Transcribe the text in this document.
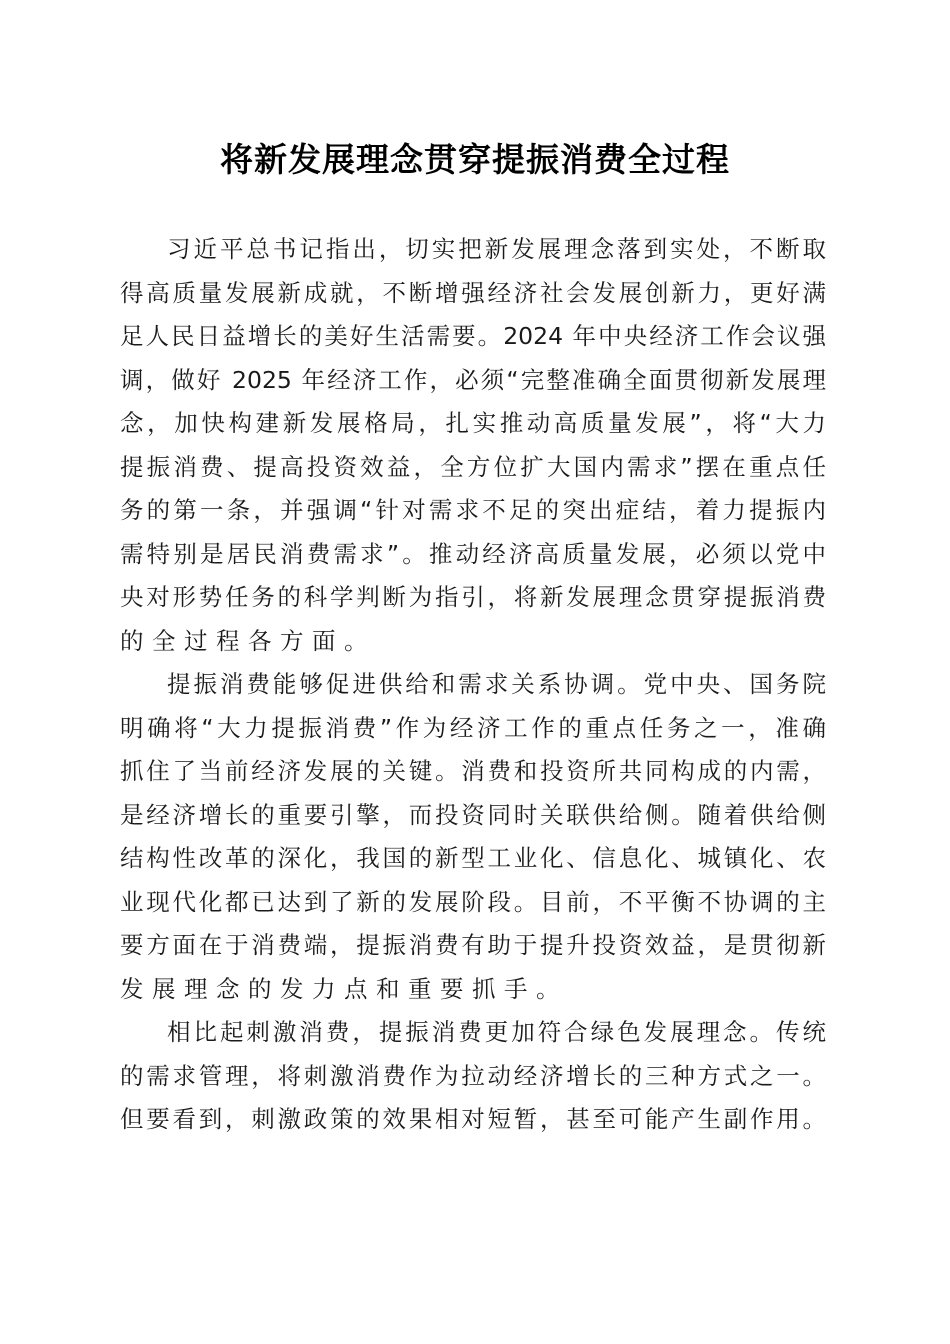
将新发展理念贯穿提振消费全过程
习近平总书记指出，切实把新发展理念落到实处，不断取
得高质量发展新成就，不断增强经济社会发展创新力，更好满
足人民日益增长的美好生活需要。2024 年中央经济工作会议强
调，做好 2025 年经济工作，必须“完整准确全面贯彻新发展理
念，加快构建新发展格局，扎实推动高质量发展”，将“大力
提振消费、提高投资效益，全方位扩大国内需求”摆在重点任
务的第一条，并强调“针对需求不足的突出症结，着力提振内
需特别是居民消费需求”。推动经济高质量发展，必须以党中
央对形势任务的科学判断为指引，将新发展理念贯穿提振消费
的全过程各方面。
提振消费能够促进供给和需求关系协调。党中央、国务院
明确将“大力提振消费”作为经济工作的重点任务之一，准确
抓住了当前经济发展的关键。消费和投资所共同构成的内需，
是经济增长的重要引擎，而投资同时关联供给侧。随着供给侧
结构性改革的深化，我国的新型工业化、信息化、城镇化、农
业现代化都已达到了新的发展阶段。目前，不平衡不协调的主
要方面在于消费端，提振消费有助于提升投资效益，是贯彻新
发展理念的发力点和重要抓手。
相比起刺激消费，提振消费更加符合绿色发展理念。传统
的需求管理，将刺激消费作为拉动经济增长的三种方式之一。
但要看到，刺激政策的效果相对短暂，甚至可能产生副作用。
